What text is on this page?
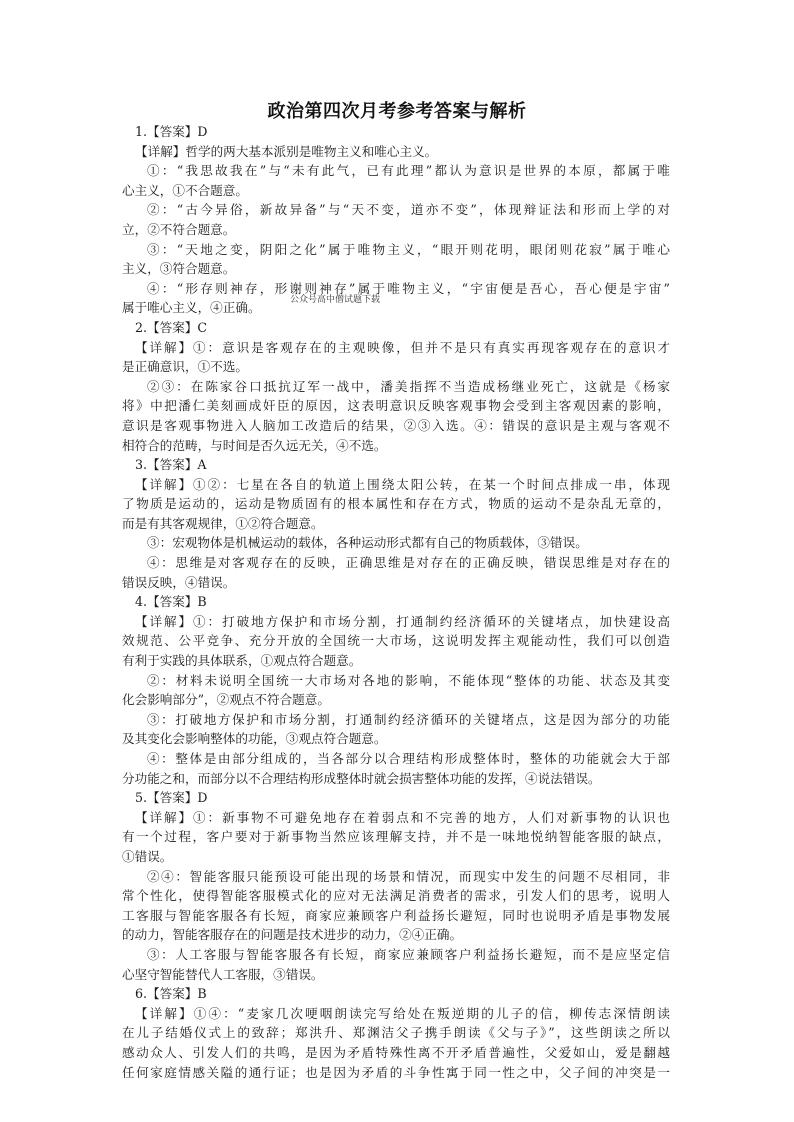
政治第四次月考参考答案与解析
公众号高中僧试题下载
1.【答案】D
【详解】哲学的两大基本派别是唯物主义和唯心主义。
①：“我思故我在”与“未有此气，已有此理”都认为意识是世界的本原，都属于唯
心主义，①不合题意。
②：“古今异俗，新故异备”与“天不变，道亦不变”，体现辩证法和形而上学的对
立，②不符合题意。
③：“天地之变，阴阳之化”属于唯物主义，“眼开则花明，眼闭则花寂”属于唯心
主义，③符合题意。
④：“形存则神存，形谢则神存”属于唯物主义，“宇宙便是吾心，吾心便是宇宙”
属于唯心主义，④正确。
2.【答案】C
【详解】①：意识是客观存在的主观映像，但并不是只有真实再现客观存在的意识才
是正确意识，①不选。
②③：在陈家谷口抵抗辽军一战中，潘美指挥不当造成杨继业死亡，这就是《杨家
将》中把潘仁美刻画成奸臣的原因，这表明意识反映客观事物会受到主客观因素的影响，
意识是客观事物进入人脑加工改造后的结果，②③入选。④：错误的意识是主观与客观不
相符合的范畴，与时间是否久远无关，④不选。
3.【答案】A
【详解】①②：七星在各自的轨道上围绕太阳公转，在某一个时间点排成一串，体现
了物质是运动的，运动是物质固有的根本属性和存在方式，物质的运动不是杂乱无章的，
而是有其客观规律，①②符合题意。
③：宏观物体是机械运动的载体，各种运动形式都有自己的物质载体，③错误。
④：思维是对客观存在的反映，正确思维是对存在的正确反映，错误思维是对存在的
错误反映，④错误。
4.【答案】B
【详解】①：打破地方保护和市场分割，打通制约经济循环的关键堵点，加快建设高
效规范、公平竞争、充分开放的全国统一大市场，这说明发挥主观能动性，我们可以创造
有利于实践的具体联系，①观点符合题意。
②：材料未说明全国统一大市场对各地的影响，不能体现“整体的功能、状态及其变
化会影响部分”，②观点不符合题意。
③：打破地方保护和市场分割，打通制约经济循环的关键堵点，这是因为部分的功能
及其变化会影响整体的功能，③观点符合题意。
④：整体是由部分组成的，当各部分以合理结构形成整体时，整体的功能就会大于部
分功能之和，而部分以不合理结构形成整体时就会损害整体功能的发挥，④说法错误。
5.【答案】D
【详解】①：新事物不可避免地存在着弱点和不完善的地方，人们对新事物的认识也
有一个过程，客户要对于新事物当然应该理解支持，并不是一味地悦纳智能客服的缺点，
①错误。
②④：智能客服只能预设可能出现的场景和情况，而现实中发生的问题不尽相同，非
常个性化，使得智能客服模式化的应对无法满足消费者的需求，引发人们的思考，说明人
工客服与智能客服各有长短，商家应兼顾客户利益扬长避短，同时也说明矛盾是事物发展
的动力，智能客服存在的问题是技术进步的动力，②④正确。
③：人工客服与智能客服各有长短，商家应兼顾客户利益扬长避短，而不是应坚定信
心坚守智能替代人工客服，③错误。
6.【答案】B
【详解】①④：“麦家几次哽咽朗读完写给处在叛逆期的儿子的信，柳传志深情朗读
在儿子结婚仪式上的致辞；郑洪升、郑渊洁父子携手朗读《父与子》”，这些朗读之所以
感动众人、引发人们的共鸣，是因为矛盾特殊性离不开矛盾普遍性，父爱如山，爱是翻越
任何家庭情感关隘的通行证；也是因为矛盾的斗争性寓于同一性之中，父子间的冲突是一
